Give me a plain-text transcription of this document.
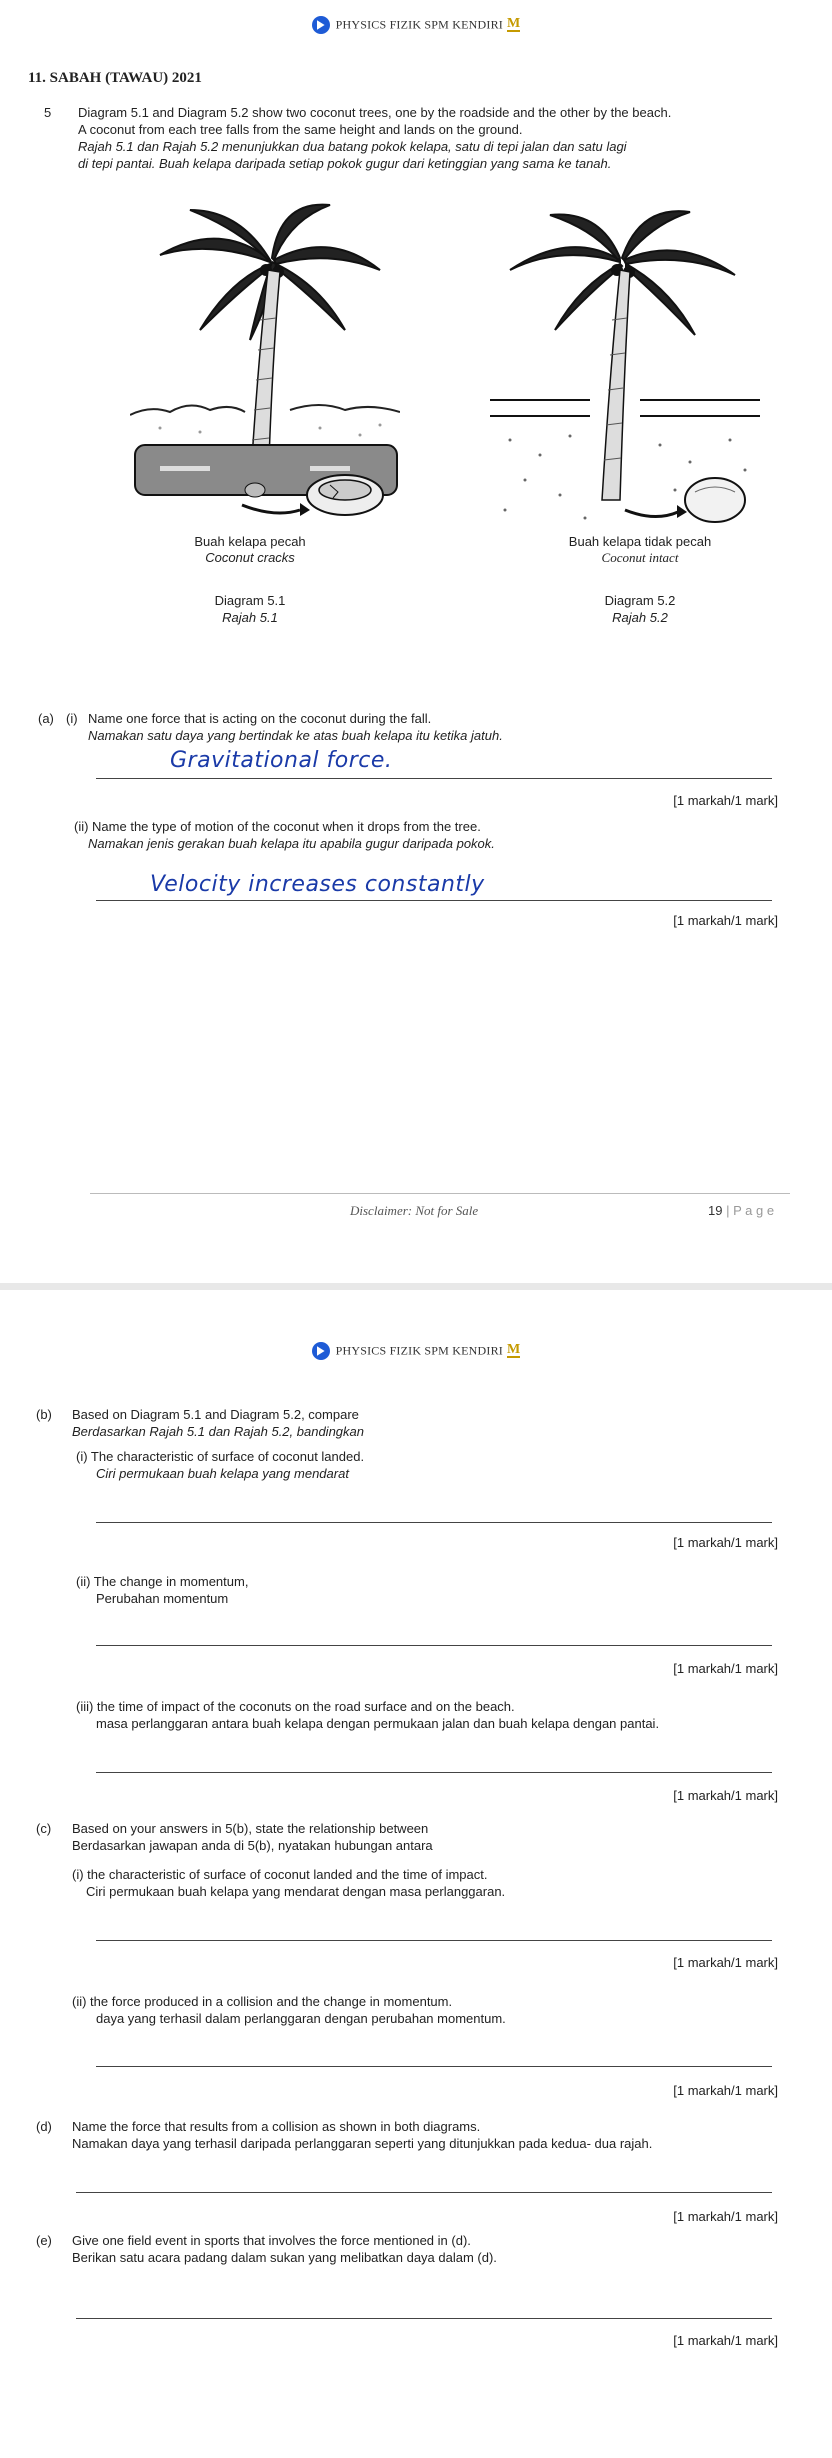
PHYSICS FIZIK SPM KENDIRI M
11. SABAH (TAWAU) 2021
5 Diagram 5.1 and Diagram 5.2 show two coconut trees, one by the roadside and the other by the beach.
A coconut from each tree falls from the same height and lands on the ground.
Rajah 5.1 dan Rajah 5.2 menunjukkan dua batang pokok kelapa, satu di tepi jalan dan satu lagi
di tepi pantai. Buah kelapa daripada setiap pokok gugur dari ketinggian yang sama ke tanah.
Buah kelapa pecah
Coconut cracks
Diagram 5.1
Rajah 5.1
Buah kelapa tidak pecah
Coconut intact
Diagram 5.2
Rajah 5.2
(a) (i) Name one force that is acting on the coconut during the fall.
Namakan satu daya yang bertindak ke atas buah kelapa itu ketika jatuh.
Gravitational force.
[1 markah/1 mark]
(ii) Name the type of motion of the coconut when it drops from the tree.
Namakan jenis gerakan buah kelapa itu apabila gugur daripada pokok.
Velocity increases constantly
[1 markah/1 mark]
Disclaimer: Not for Sale	19 | P a g e
PHYSICS FIZIK SPM KENDIRI M
(b) Based on Diagram 5.1 and Diagram 5.2, compare
Berdasarkan Rajah 5.1 dan Rajah 5.2, bandingkan
(i) The characteristic of surface of coconut landed.
Ciri permukaan buah kelapa yang mendarat
[1 markah/1 mark]
(ii) The change in momentum,
Perubahan momentum
[1 markah/1 mark]
(iii) the time of impact of the coconuts on the road surface and on the beach.
masa perlanggaran antara buah kelapa dengan permukaan jalan dan buah kelapa dengan pantai.
[1 markah/1 mark]
(c) Based on your answers in 5(b), state the relationship between
Berdasarkan jawapan anda di 5(b), nyatakan hubungan antara
(i) the characteristic of surface of coconut landed and the time of impact.
Ciri permukaan buah kelapa yang mendarat dengan masa perlanggaran.
[1 markah/1 mark]
(ii) the force produced in a collision and the change in momentum.
daya yang terhasil dalam perlanggaran dengan perubahan momentum.
[1 markah/1 mark]
(d) Name the force that results from a collision as shown in both diagrams.
Namakan daya yang terhasil daripada perlanggaran seperti yang ditunjukkan pada kedua- dua rajah.
[1 markah/1 mark]
(e) Give one field event in sports that involves the force mentioned in (d).
Berikan satu acara padang dalam sukan yang melibatkan daya dalam (d).
[1 markah/1 mark]
